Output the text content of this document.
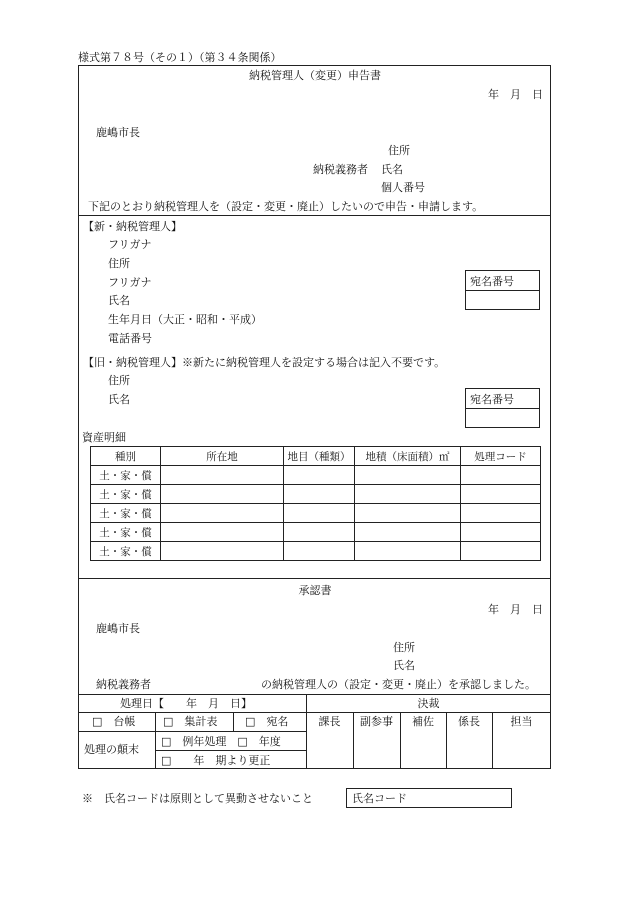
様式第７８号（その１）（第３４条関係）
納税管理人（変更）申告書
年　月　日
鹿嶋市長
住所
納税義務者 氏名
個人番号
下記のとおり納税管理人を（設定・変更・廃止）したいので申告・申請します。
【新・納税管理人】
フリガナ
住所
フリガナ
氏名
生年月日（大正・昭和・平成）
電話番号
宛名番号
【旧・納税管理人】※新たに納税管理人を設定する場合は記入不要です。
住所
氏名	宛名番号
資産明細
種別	所在地	地目（種類）	地積（床面積）㎡	処理コード
土・家・償				
土・家・償				
土・家・償				
土・家・償				
土・家・償				
承認書
年　月　日
鹿嶋市長
住所
氏名
納税義務者	の納税管理人の（設定・変更・廃止）を承認しました。
処理日【　　年　月　日】	決裁
□　台帳	□　集計表	□　宛名	課長	副参事	補佐	係長	担当
処理の顛末
□　例年処理　□　年度
□　　年　期より更正
※　氏名コードは原則として異動させないこと	氏名コード
